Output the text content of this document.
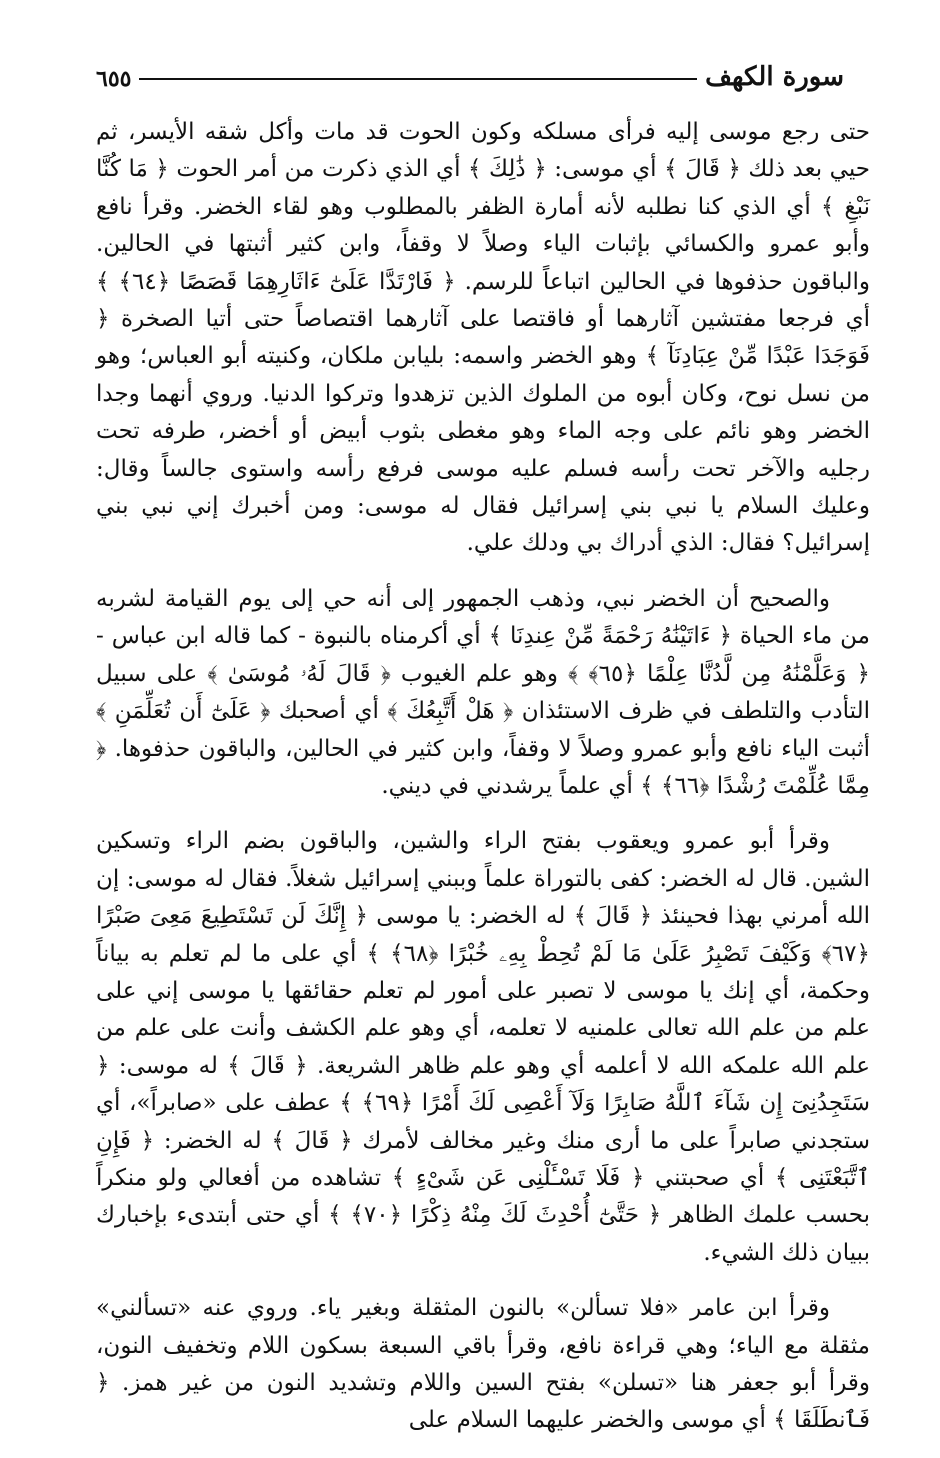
سورة الكهف
٦٥٥

حتى رجع موسى إليه فرأى مسلكه وكون الحوت قد مات وأكل شقه الأيسر، ثم حيي بعد ذلك ﴿ قَالَ ﴾ أي موسى: ﴿ ذَٰلِكَ ﴾ أي الذي ذكرت من أمر الحوت ﴿ مَا كُنَّا نَبْغِ ﴾ أي الذي كنا نطلبه لأنه أمارة الظفر بالمطلوب وهو لقاء الخضر. وقرأ نافع وأبو عمرو والكسائي بإثبات الياء وصلاً لا وقفاً، وابن كثير أثبتها في الحالين. والباقون حذفوها في الحالين اتباعاً للرسم. ﴿ فَارْتَدَّا عَلَىٰٓ ءَاثَارِهِمَا قَصَصًا ﴿٦٤﴾ ﴾ أي فرجعا مفتشين آثارهما أو فاقتصا على آثارهما اقتصاصاً حتى أتيا الصخرة ﴿ فَوَجَدَا عَبْدًا مِّنْ عِبَادِنَآ ﴾ وهو الخضر واسمه: بليابن ملكان، وكنيته أبو العباس؛ وهو من نسل نوح، وكان أبوه من الملوك الذين تزهدوا وتركوا الدنيا. وروي أنهما وجدا الخضر وهو نائم على وجه الماء وهو مغطى بثوب أبيض أو أخضر، طرفه تحت رجليه والآخر تحت رأسه فسلم عليه موسى فرفع رأسه واستوى جالساً وقال: وعليك السلام يا نبي بني إسرائيل فقال له موسى: ومن أخبرك إني نبي بني إسرائيل؟ فقال: الذي أدراك بي ودلك علي.

والصحيح أن الخضر نبي، وذهب الجمهور إلى أنه حي إلى يوم القيامة لشربه من ماء الحياة ﴿ ءَاتَيْنَٰهُ رَحْمَةً مِّنْ عِندِنَا ﴾ أي أكرمناه بالنبوة - كما قاله ابن عباس - ﴿ وَعَلَّمْنَٰهُ مِن لَّدُنَّا عِلْمًا ﴿٦٥﴾ ﴾ وهو علم الغيوب ﴿ قَالَ لَهُۥ مُوسَىٰ ﴾ على سبيل التأدب والتلطف في ظرف الاستئذان ﴿ هَلْ أَتَّبِعُكَ ﴾ أي أصحبك ﴿ عَلَىٰٓ أَن تُعَلِّمَنِ ﴾ أثبت الياء نافع وأبو عمرو وصلاً لا وقفاً، وابن كثير في الحالين، والباقون حذفوها. ﴿ مِمَّا عُلِّمْتَ رُشْدًا ﴿٦٦﴾ ﴾ أي علماً يرشدني في ديني.

وقرأ أبو عمرو ويعقوب بفتح الراء والشين، والباقون بضم الراء وتسكين الشين. قال له الخضر: كفى بالتوراة علماً وببني إسرائيل شغلاً. فقال له موسى: إن الله أمرني بهذا فحينئذ ﴿ قَالَ ﴾ له الخضر: يا موسى ﴿ إِنَّكَ لَن تَسْتَطِيعَ مَعِىَ صَبْرًا ﴿٦٧﴾ وَكَيْفَ تَصْبِرُ عَلَىٰ مَا لَمْ تُحِطْ بِهِۦ خُبْرًا ﴿٦٨﴾ ﴾ أي على ما لم تعلم به بياناً وحكمة، أي إنك يا موسى لا تصبر على أمور لم تعلم حقائقها يا موسى إني على علم من علم الله تعالى علمنيه لا تعلمه، أي وهو علم الكشف وأنت على علم من علم الله علمكه الله لا أعلمه أي وهو علم ظاهر الشريعة. ﴿ قَالَ ﴾ له موسى: ﴿ سَتَجِدُنِىٓ إِن شَآءَ ٱللَّهُ صَابِرًا وَلَآ أَعْصِى لَكَ أَمْرًا ﴿٦٩﴾ ﴾ عطف على «صابراً»، أي ستجدني صابراً على ما أرى منك وغير مخالف لأمرك ﴿ قَالَ ﴾ له الخضر: ﴿ فَإِنِ ٱتَّبَعْتَنِى ﴾ أي صحبتني ﴿ فَلَا تَسْـَٔلْنِى عَن شَىْءٍ ﴾ تشاهده من أفعالي ولو منكراً بحسب علمك الظاهر ﴿ حَتَّىٰٓ أُحْدِثَ لَكَ مِنْهُ ذِكْرًا ﴿٧٠﴾ ﴾ أي حتى أبتدىء بإخبارك ببيان ذلك الشيء.

وقرأ ابن عامر «فلا تسألن» بالنون المثقلة وبغير ياء. وروي عنه «تسألني» مثقلة مع الياء؛ وهي قراءة نافع، وقرأ باقي السبعة بسكون اللام وتخفيف النون، وقرأ أبو جعفر هنا «تسلن» بفتح السين واللام وتشديد النون من غير همز. ﴿ فَٱنطَلَقَا ﴾ أي موسى والخضر عليهما السلام على
